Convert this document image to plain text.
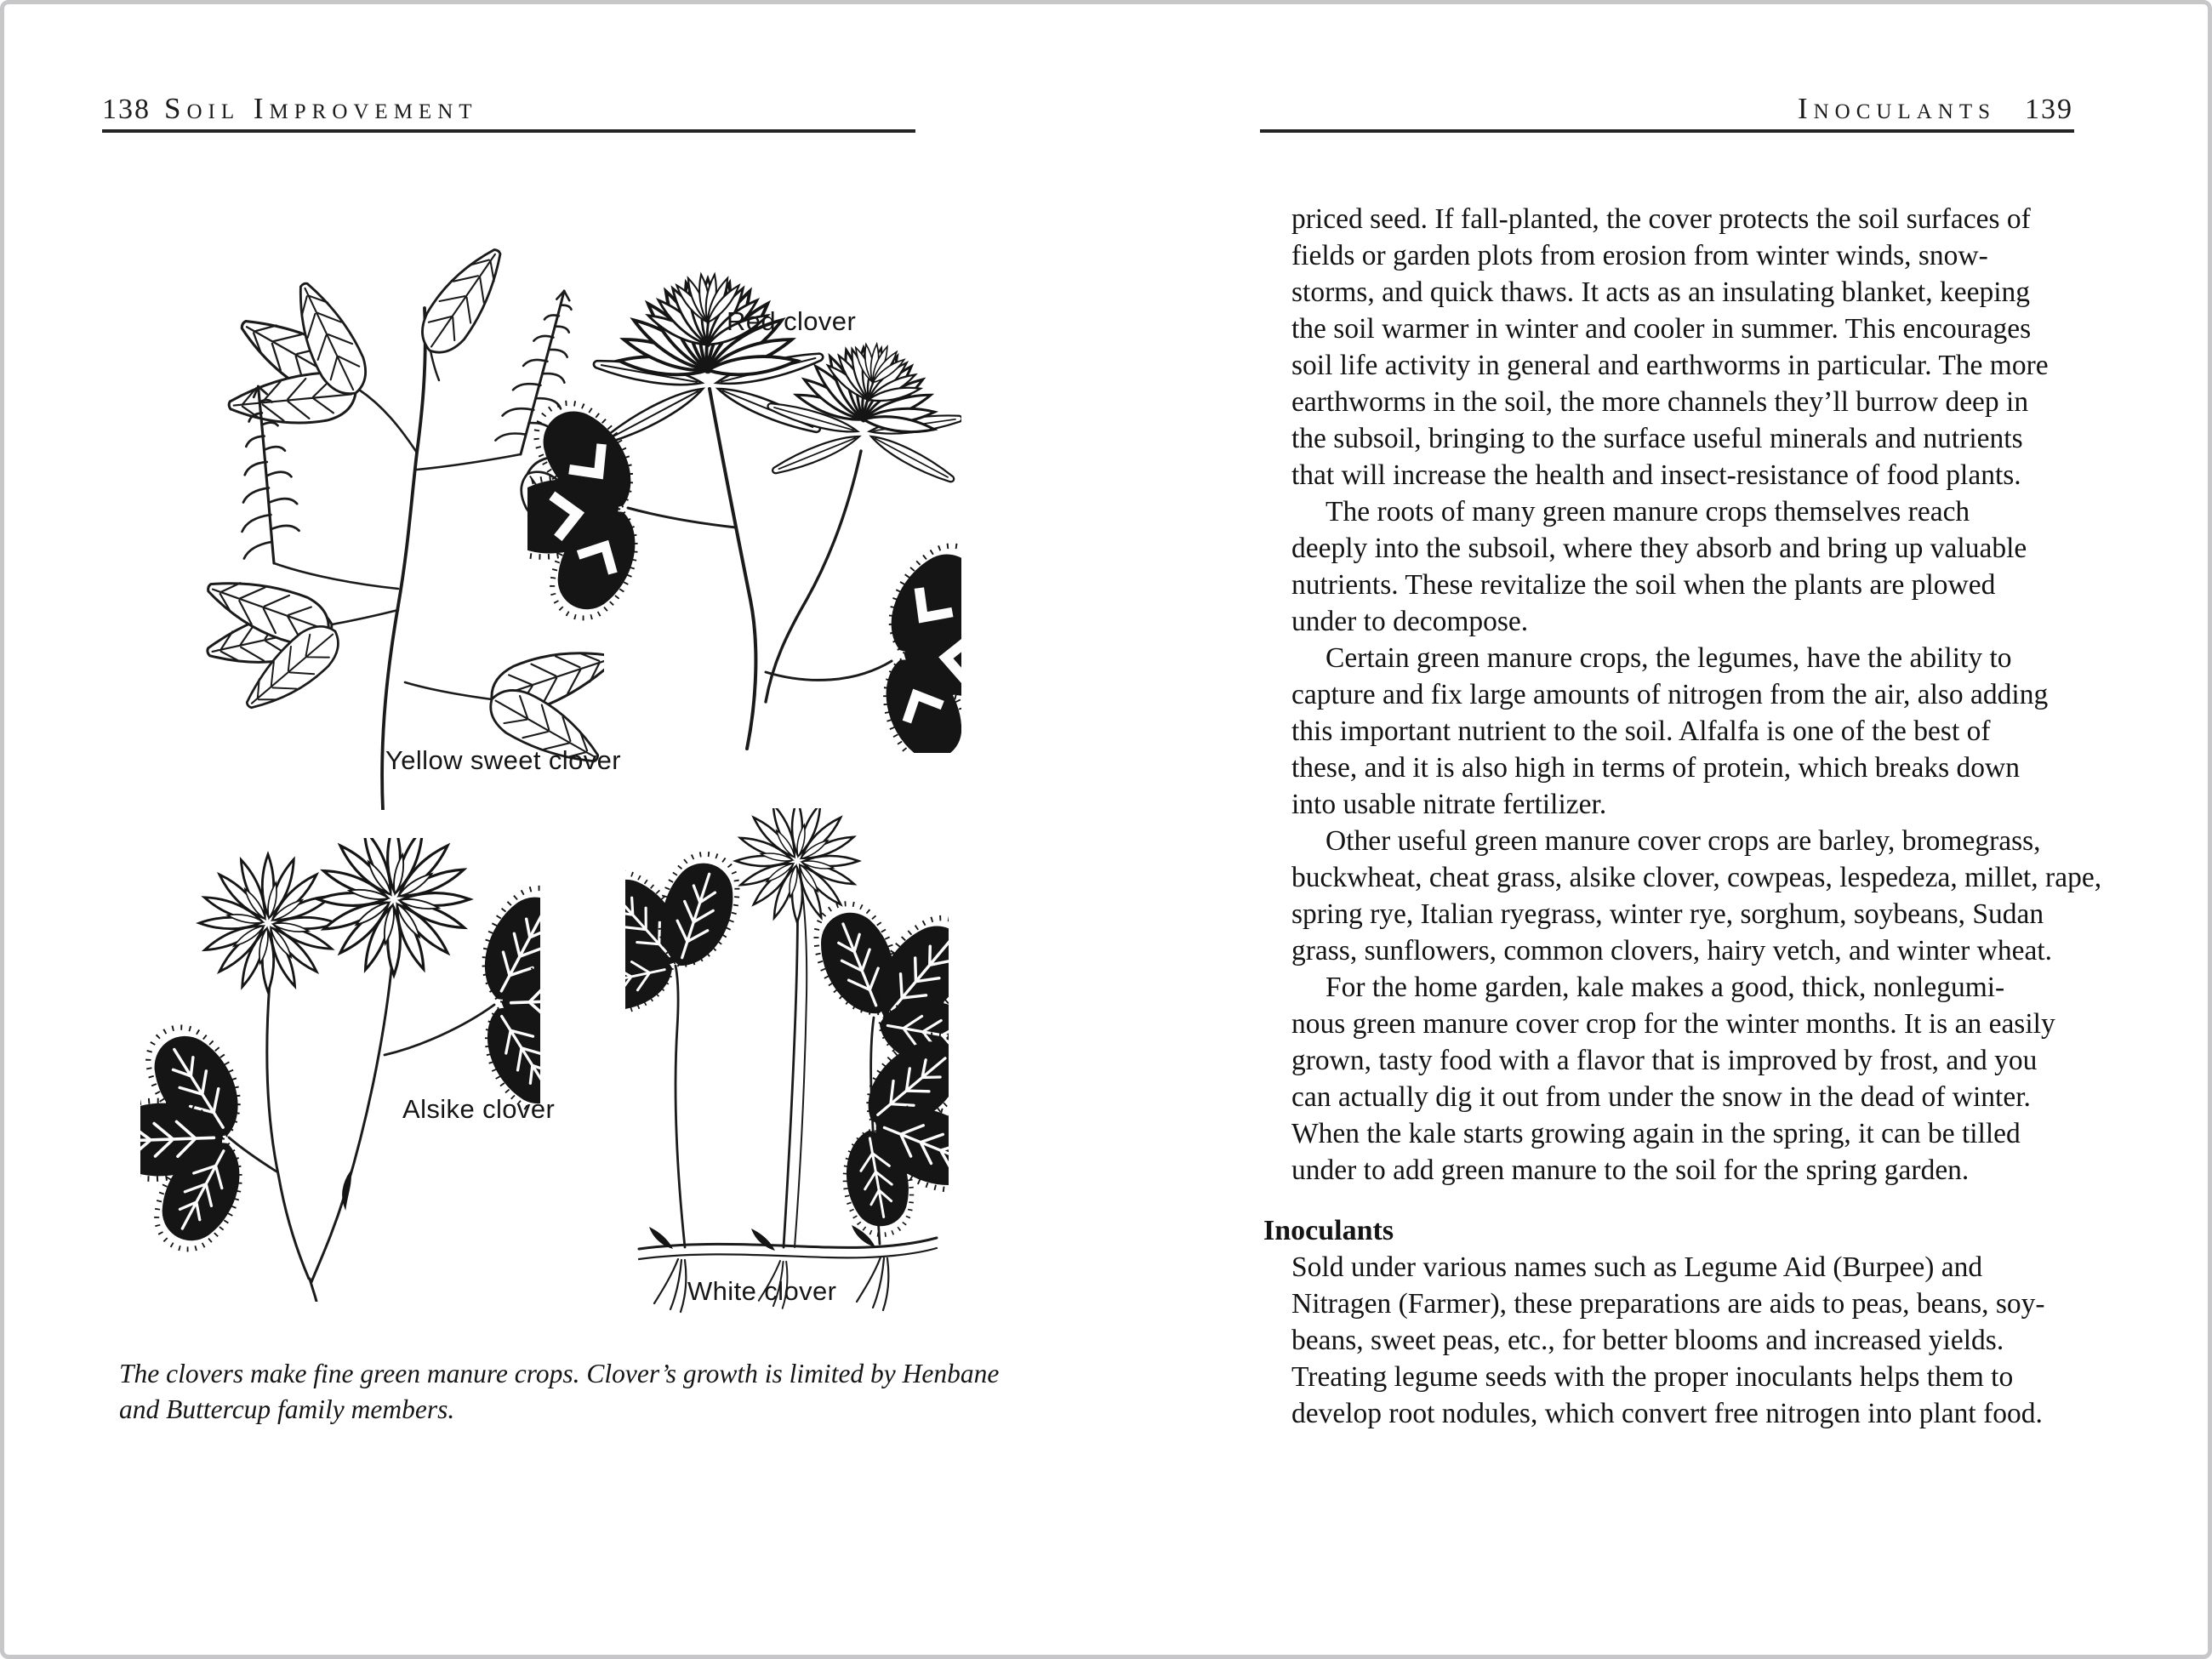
138 Soil Improvement
Red clover
Yellow sweet clover
Alsike clover
White clover
The clovers make fine green manure crops. Clover’s growth is limited by Henbane
and Buttercup family members.
Inoculants 139
priced seed. If fall-planted, the cover protects the soil surfaces of
fields or garden plots from erosion from winter winds, snow-
storms, and quick thaws. It acts as an insulating blanket, keeping
the soil warmer in winter and cooler in summer. This encourages
soil life activity in general and earthworms in particular. The more
earthworms in the soil, the more channels they’ll burrow deep in
the subsoil, bringing to the surface useful minerals and nutrients
that will increase the health and insect-resistance of food plants.
The roots of many green manure crops themselves reach
deeply into the subsoil, where they absorb and bring up valuable
nutrients. These revitalize the soil when the plants are plowed
under to decompose.
Certain green manure crops, the legumes, have the ability to
capture and fix large amounts of nitrogen from the air, also adding
this important nutrient to the soil. Alfalfa is one of the best of
these, and it is also high in terms of protein, which breaks down
into usable nitrate fertilizer.
Other useful green manure cover crops are barley, bromegrass,
buckwheat, cheat grass, alsike clover, cowpeas, lespedeza, millet, rape,
spring rye, Italian ryegrass, winter rye, sorghum, soybeans, Sudan
grass, sunflowers, common clovers, hairy vetch, and winter wheat.
For the home garden, kale makes a good, thick, nonlegumi-
nous green manure cover crop for the winter months. It is an easily
grown, tasty food with a flavor that is improved by frost, and you
can actually dig it out from under the snow in the dead of winter.
When the kale starts growing again in the spring, it can be tilled
under to add green manure to the soil for the spring garden.
Inoculants
Sold under various names such as Legume Aid (Burpee) and
Nitragen (Farmer), these preparations are aids to peas, beans, soy-
beans, sweet peas, etc., for better blooms and increased yields.
Treating legume seeds with the proper inoculants helps them to
develop root nodules, which convert free nitrogen into plant food.
